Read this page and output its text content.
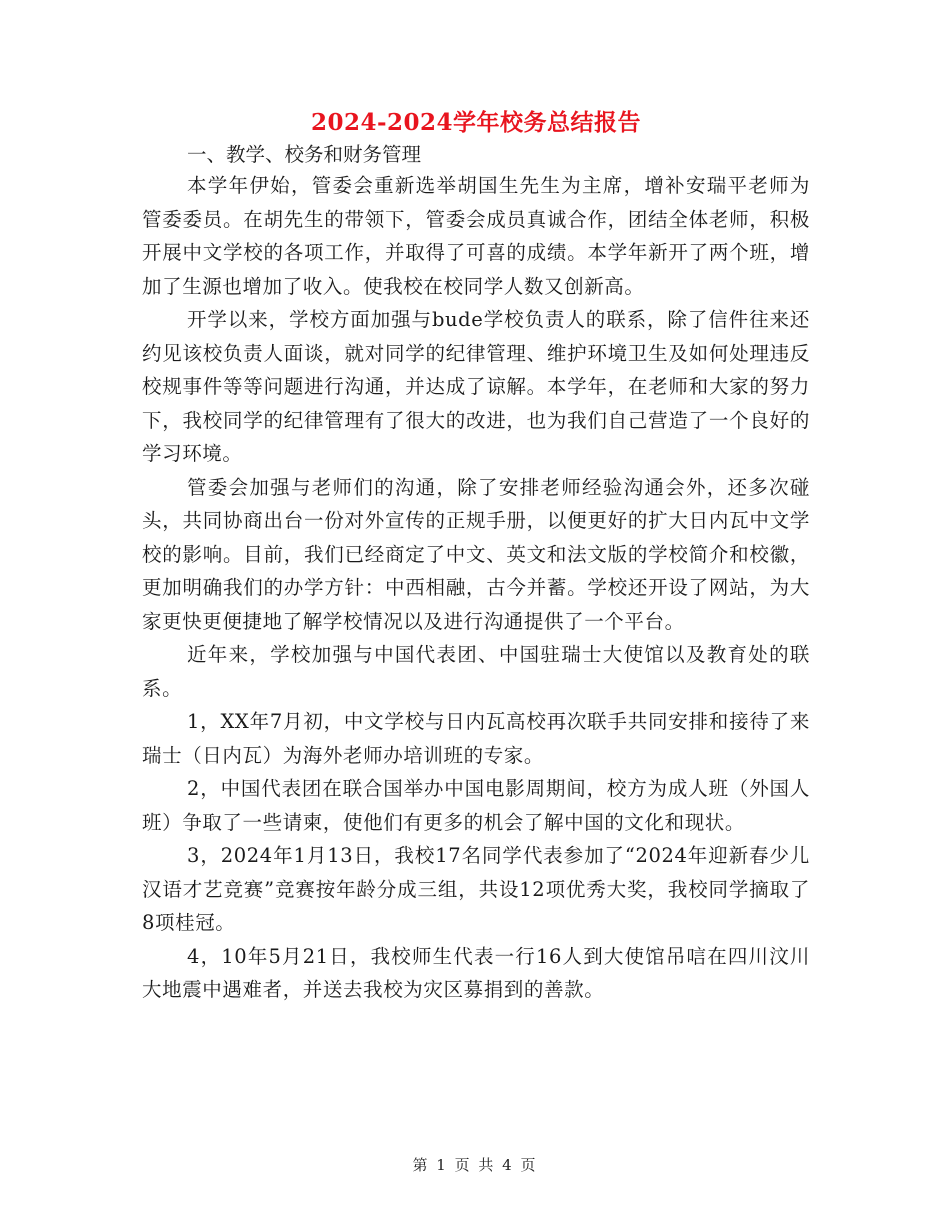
2024-2024学年校务总结报告

一、教学、校务和财务管理

本学年伊始，管委会重新选举胡国生先生为主席，增补安瑞平老师为管委委员。在胡先生的带领下，管委会成员真诚合作，团结全体老师，积极开展中文学校的各项工作，并取得了可喜的成绩。本学年新开了两个班，增加了生源也增加了收入。使我校在校同学人数又创新高。

开学以来，学校方面加强与bude学校负责人的联系，除了信件往来还约见该校负责人面谈，就对同学的纪律管理、维护环境卫生及如何处理违反校规事件等等问题进行沟通，并达成了谅解。本学年，在老师和大家的努力下，我校同学的纪律管理有了很大的改进，也为我们自己营造了一个良好的学习环境。

管委会加强与老师们的沟通，除了安排老师经验沟通会外，还多次碰头，共同协商出台一份对外宣传的正规手册，以便更好的扩大日内瓦中文学校的影响。目前，我们已经商定了中文、英文和法文版的学校简介和校徽，更加明确我们的办学方针：中西相融，古今并蓄。学校还开设了网站，为大家更快更便捷地了解学校情况以及进行沟通提供了一个平台。

近年来，学校加强与中国代表团、中国驻瑞士大使馆以及教育处的联系。

1，XX年7月初，中文学校与日内瓦高校再次联手共同安排和接待了来瑞士（日内瓦）为海外老师办培训班的专家。

2，中国代表团在联合国举办中国电影周期间，校方为成人班（外国人班）争取了一些请柬，使他们有更多的机会了解中国的文化和现状。

3，2024年1月13日，我校17名同学代表参加了“2024年迎新春少儿汉语才艺竞赛”竞赛按年龄分成三组，共设12项优秀大奖，我校同学摘取了8项桂冠。

4，10年5月21日，我校师生代表一行16人到大使馆吊唁在四川汶川大地震中遇难者，并送去我校为灾区募捐到的善款。

第 1 页 共 4 页
